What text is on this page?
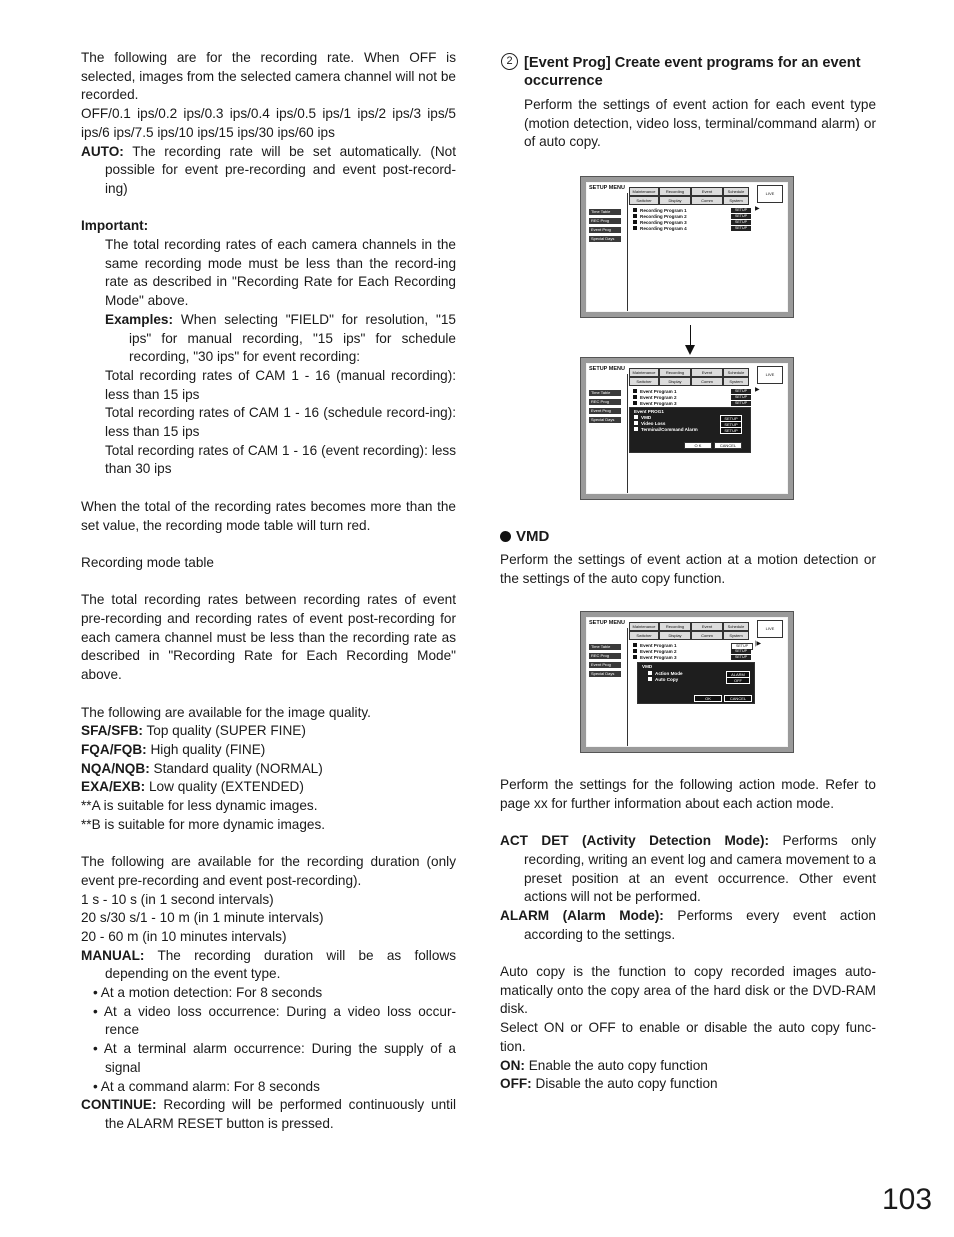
The following are for the recording rate. When OFF is selected, images from the selected camera channel will not be recorded.

OFF/0.1 ips/0.2 ips/0.3 ips/0.4 ips/0.5 ips/1 ips/2 ips/3 ips/5 ips/6 ips/7.5 ips/10 ips/15 ips/30 ips/60 ips

AUTO: The recording rate will be set automatically. (Not possible for event pre-recording and event post-record-ing)

Important:

The total recording rates of each camera channels in the same recording mode must be less than the record-ing rate as described in "Recording Rate for Each Recording Mode" above.

Examples: When selecting "FIELD" for resolution, "15 ips" for manual recording, "15 ips" for schedule recording, "30 ips" for event recording:

Total recording rates of CAM 1 - 16 (manual recording): less than 15 ips

Total recording rates of CAM 1 - 16 (schedule record-ing): less than 15 ips

Total recording rates of CAM 1 - 16 (event recording): less than 30 ips

When the total of the recording rates becomes more than the set value, the recording mode table will turn red.

Recording mode table

The total recording rates between recording rates of event pre-recording and recording rates of event post-recording for each camera channel must be less than the recording rate as described in "Recording Rate for Each Recording Mode" above.

The following are available for the image quality.

SFA/SFB: Top quality (SUPER FINE)

FQA/FQB: High quality (FINE)

NQA/NQB: Standard quality (NORMAL)

EXA/EXB: Low quality (EXTENDED)

**A is suitable for less dynamic images.

**B is suitable for more dynamic images.

The following are available for the recording duration (only event pre-recording and event post-recording).

1 s - 10 s (in 1 second intervals)

20 s/30 s/1 - 10 m (in 1 minute intervals)

20 - 60 m (in 10 minutes intervals)

MANUAL: The recording duration will be as follows depending on the event type.

• At a motion detection: For 8 seconds

• At a video loss occurrence: During a video loss occur-rence

• At a terminal alarm occurrence: During the supply of a signal

• At a command alarm: For 8 seconds

CONTINUE: Recording will be performed continuously until the ALARM RESET button is pressed.

2 [Event Prog] Create event programs for an event occurrence

Perform the settings of event action for each event type (motion detection, video loss, terminal/command alarm) or of auto copy.

VMD

Perform the settings of event action at a motion detection or the settings of the auto copy function.

Perform the settings for the following action mode. Refer to page xx for further information about each action mode.

ACT DET (Activity Detection Mode): Performs only recording, writing an event log and camera movement to a preset position at an event occurrence. Other event actions will not be performed.

ALARM (Alarm Mode): Performs every event action according to the settings.

Auto copy is the function to copy recorded images auto-matically onto the copy area of the hard disk or the DVD-RAM disk.

Select ON or OFF to enable or disable the auto copy func-tion.

ON: Enable the auto copy function

OFF: Disable the auto copy function

SETUP MENU
Maintenance	Recording	Event	Schedule
Switcher	Display	Comm	System
LIVE
Time Table
REC Prog
Event Prog
Special Days
Recording Program 1
Recording Program 2
Recording Program 3
Recording Program 4
SETUP
SETUP
SETUP
SETUP
▶
SETUP MENU
Maintenance	Recording	Event	Schedule
Switcher	Display	Comm	System
LIVE
Time Table
REC Prog
Event Prog
Special Days
Event Program 1
Event Program 2
Event Program 3
SETUP
SETUP
SETUP
▶
Event PROG1
VMD
Video Loss
Terminal/Command Alarm
SETUP
SETUP
SETUP
O K	CANCEL
SETUP MENU
Maintenance	Recording	Event	Schedule
Switcher	Display	Comm	System
LIVE
Time Table
REC Prog
Event Prog
Special Days
Event Program 1
Event Program 2
Event Program 3
SETUP
SETUP
SETUP
|▶
VMD
Action Mode
Auto Copy
ALARM
OFF
OK	CANCEL
103
